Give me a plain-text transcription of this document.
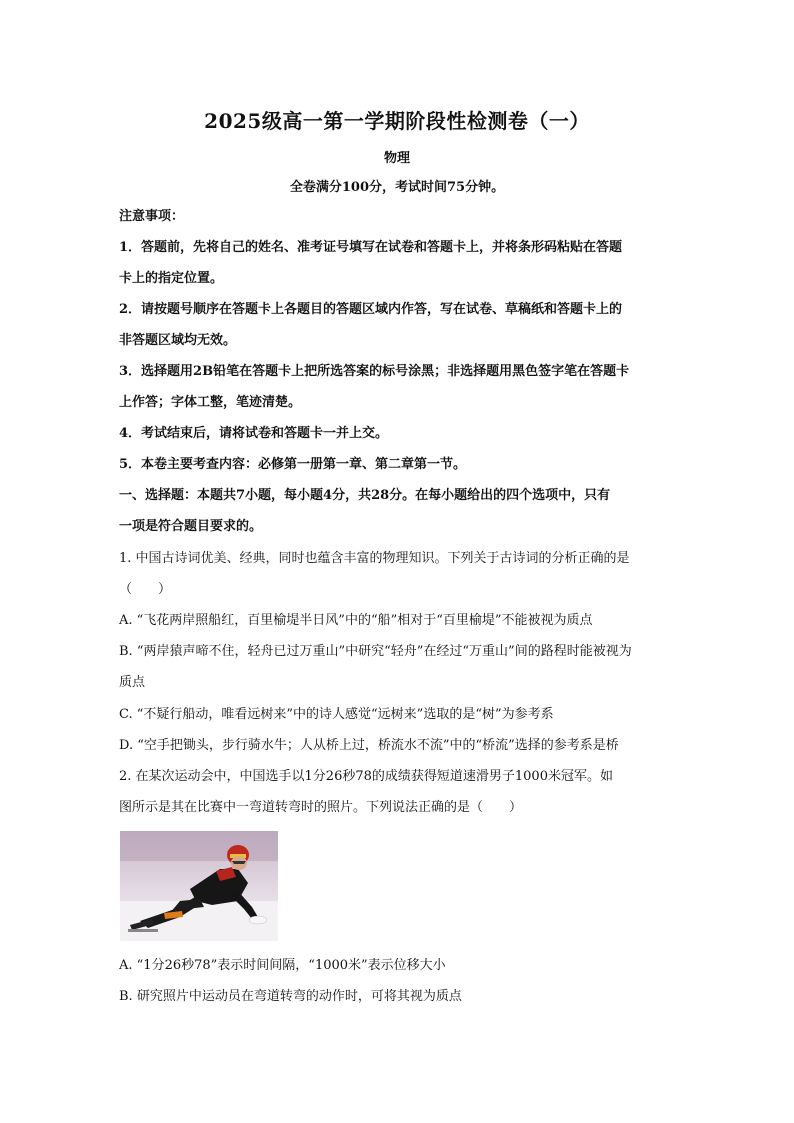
2025级高一第一学期阶段性检测卷（一）
物理
全卷满分100分，考试时间75分钟。
注意事项：
1．答题前，先将自己的姓名、准考证号填写在试卷和答题卡上，并将条形码粘贴在答题
卡上的指定位置。
2．请按题号顺序在答题卡上各题目的答题区域内作答，写在试卷、草稿纸和答题卡上的
非答题区域均无效。
3．选择题用2B铅笔在答题卡上把所选答案的标号涂黑；非选择题用黑色签字笔在答题卡
上作答；字体工整，笔迹清楚。
4．考试结束后，请将试卷和答题卡一并上交。
5．本卷主要考查内容：必修第一册第一章、第二章第一节。
一、选择题：本题共7小题，每小题4分，共28分。在每小题给出的四个选项中，只有
一项是符合题目要求的。
1. 中国古诗词优美、经典，同时也蕴含丰富的物理知识。下列关于古诗词的分析正确的是
（　　）
A. “飞花两岸照船红，百里榆堤半日风”中的“船”相对于“百里榆堤”不能被视为质点
B. “两岸猿声啼不住，轻舟已过万重山”中研究“轻舟”在经过“万重山”间的路程时能被视为
质点
C. “不疑行船动，唯看远树来”中的诗人感觉“远树来”选取的是“树”为参考系
D. “空手把锄头，步行骑水牛；人从桥上过，桥流水不流”中的“桥流”选择的参考系是桥
2. 在某次运动会中，中国选手以1分26秒78的成绩获得短道速滑男子1000米冠军。如
图所示是其在比赛中一弯道转弯时的照片。下列说法正确的是（　　）
A. “1分26秒78”表示时间间隔，“1000米”表示位移大小
B. 研究照片中运动员在弯道转弯的动作时，可将其视为质点
